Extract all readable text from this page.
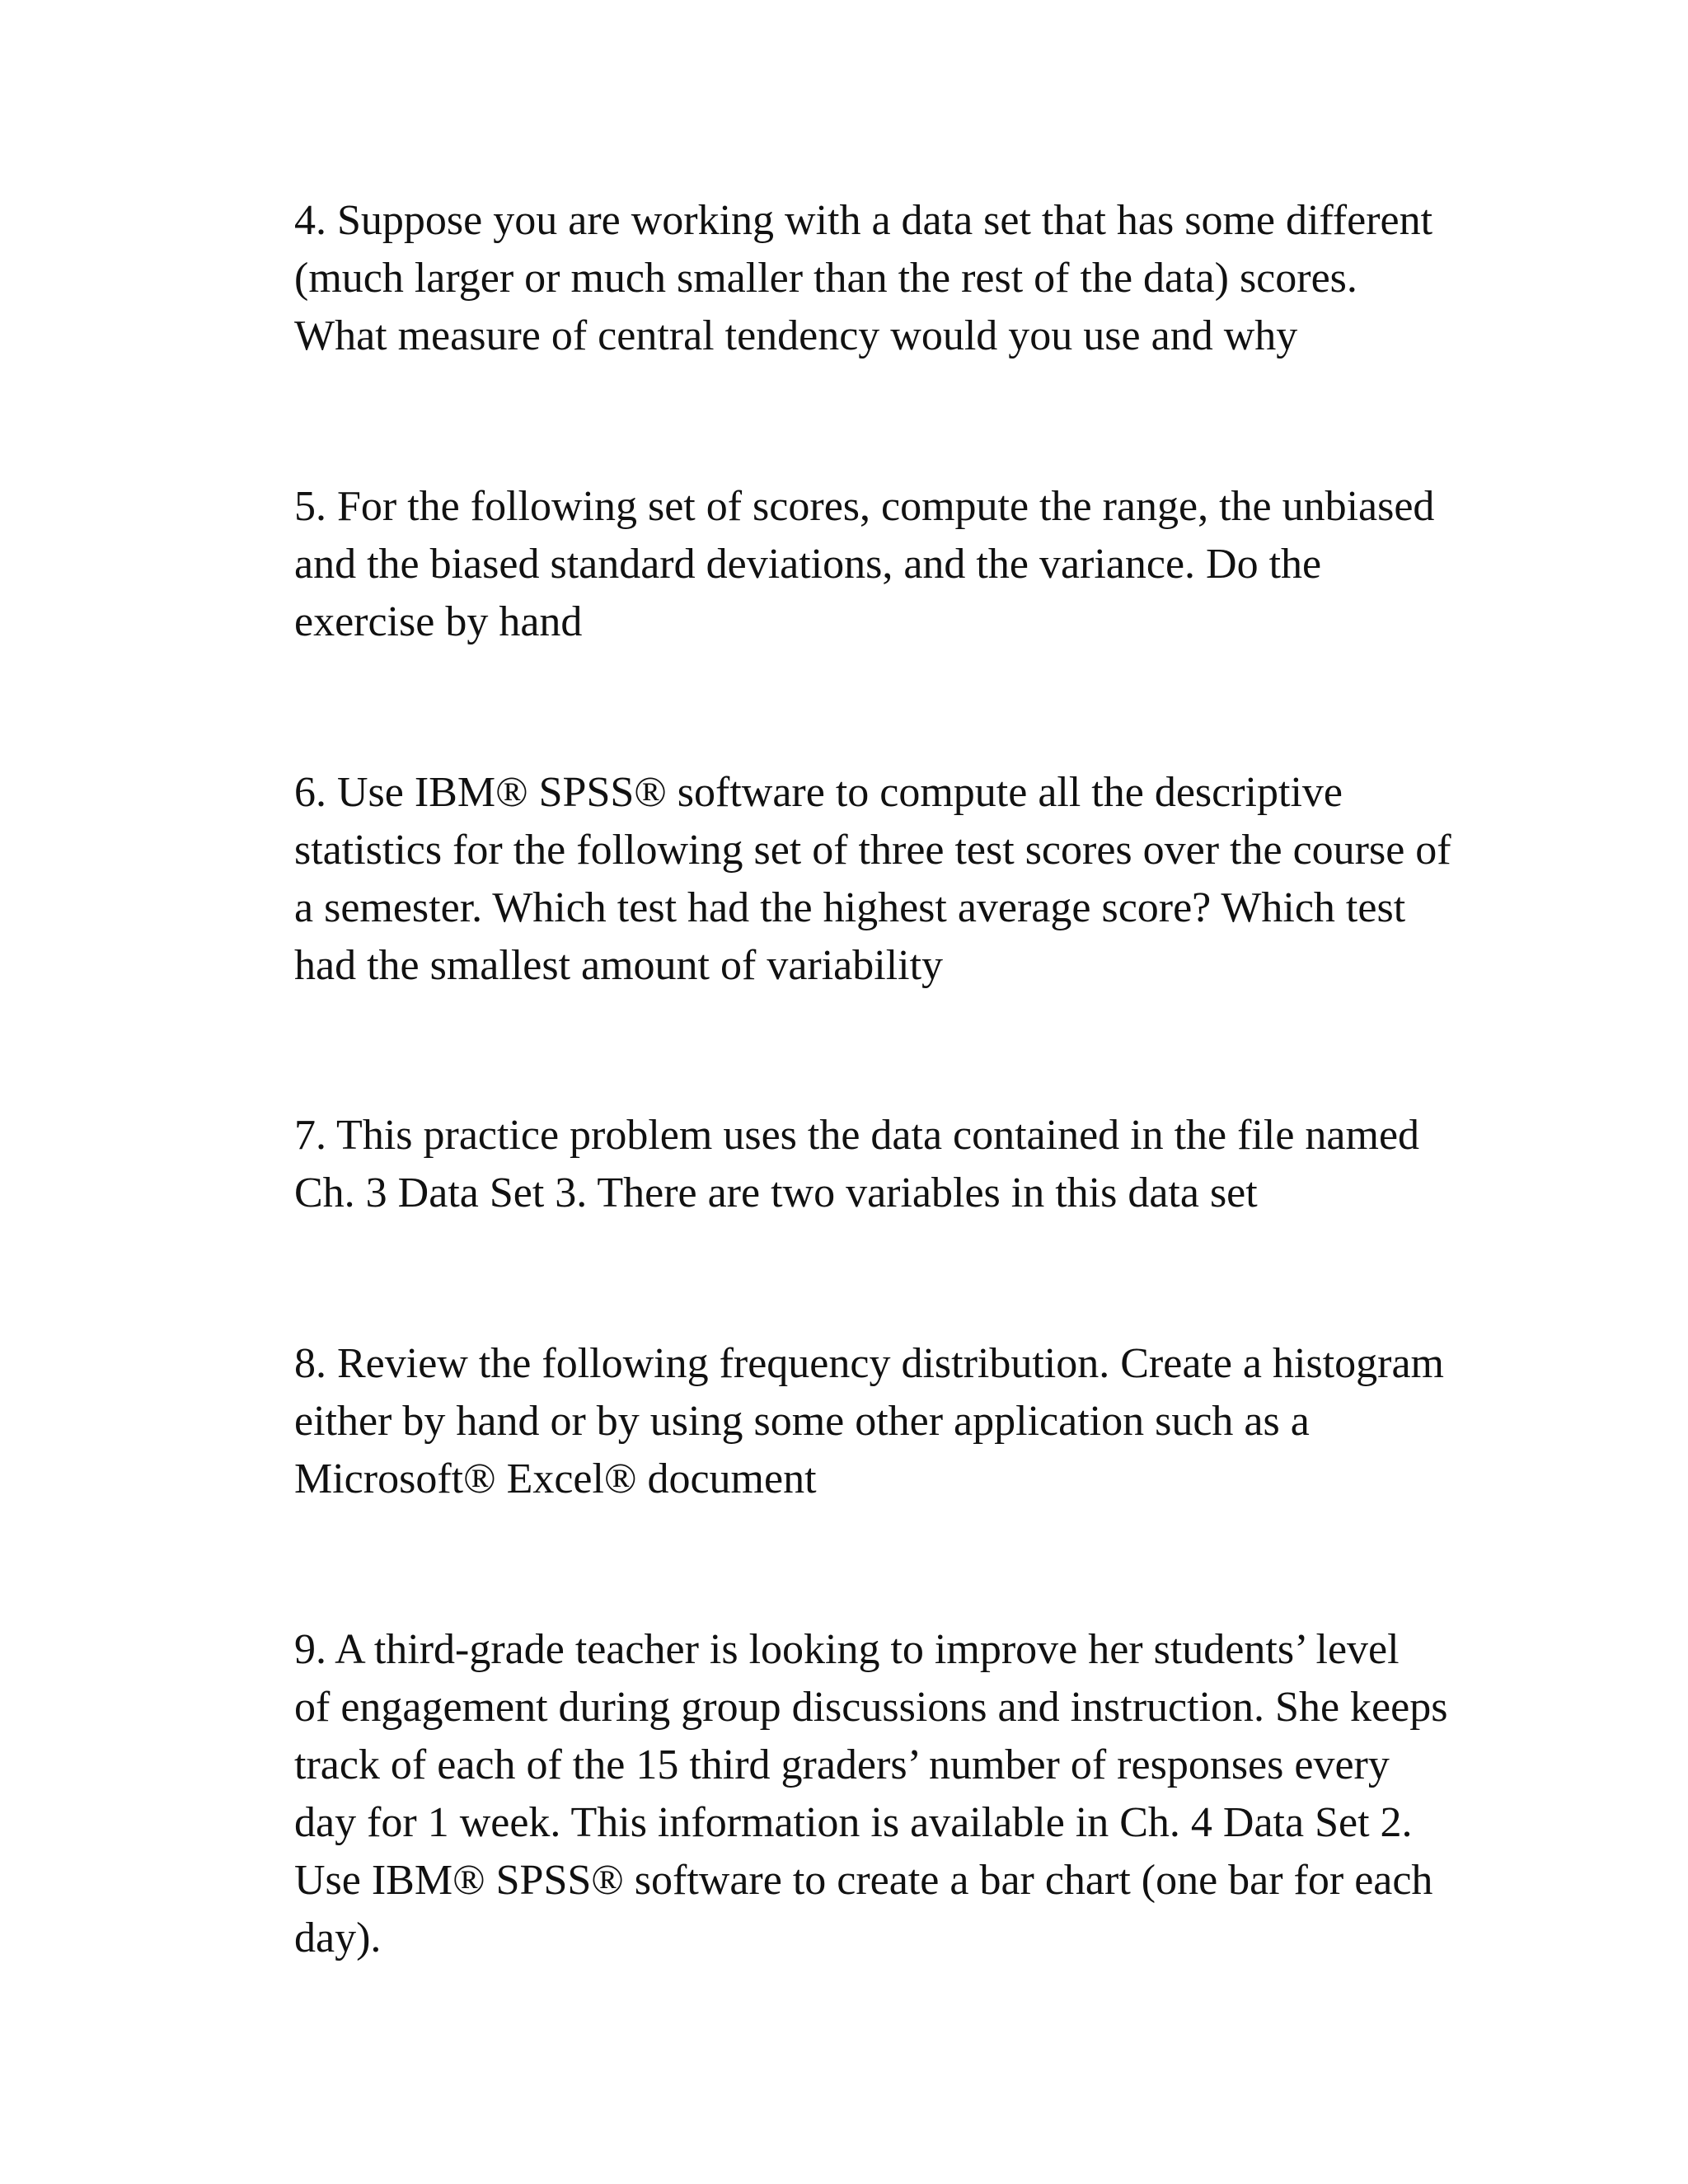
4. Suppose you are working with a data set that has some different
(much larger or much smaller than the rest of the data) scores.
What measure of central tendency would you use and why

5. For the following set of scores, compute the range, the unbiased
and the biased standard deviations, and the variance. Do the
exercise by hand

6. Use IBM® SPSS® software to compute all the descriptive
statistics for the following set of three test scores over the course of
a semester. Which test had the highest average score? Which test
had the smallest amount of variability

7. This practice problem uses the data contained in the file named
Ch. 3 Data Set 3. There are two variables in this data set

8. Review the following frequency distribution. Create a histogram
either by hand or by using some other application such as a
Microsoft® Excel® document

9. A third-grade teacher is looking to improve her students’ level
of engagement during group discussions and instruction. She keeps
track of each of the 15 third graders’ number of responses every
day for 1 week. This information is available in Ch. 4 Data Set 2.
Use IBM® SPSS® software to create a bar chart (one bar for each
day).
